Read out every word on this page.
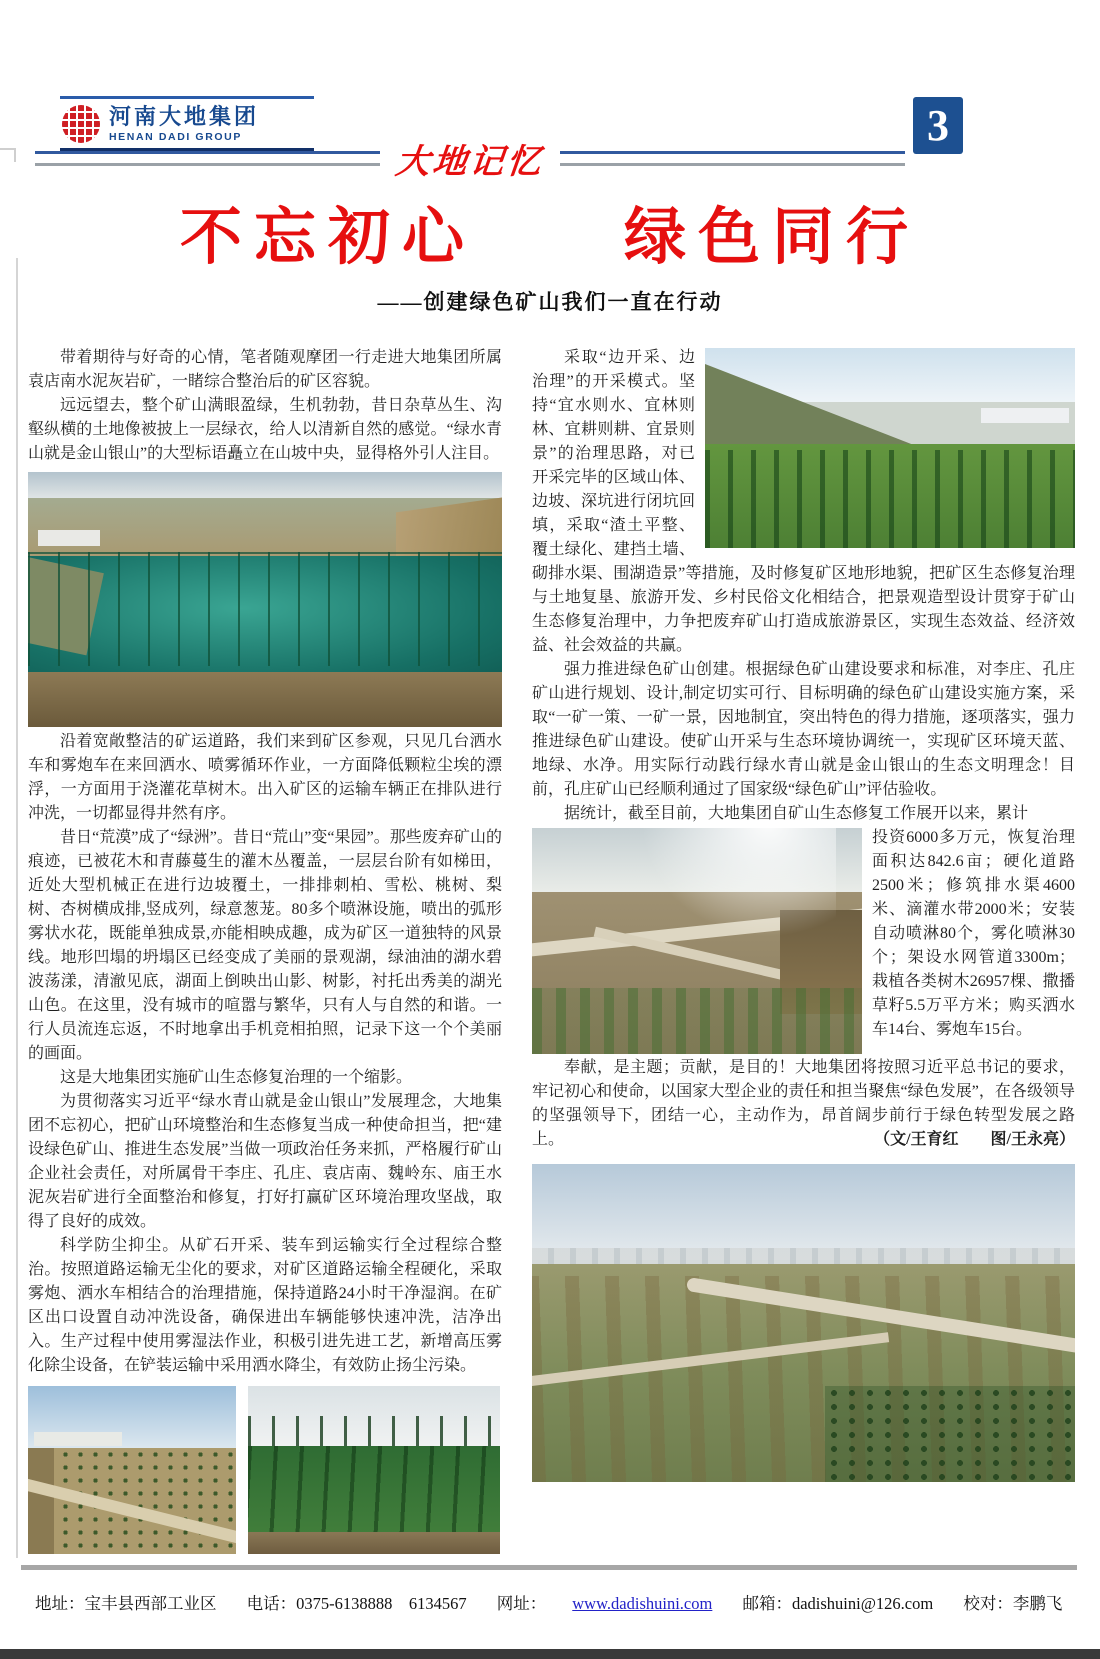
河南大地集团
HENAN DADI GROUP	3
大地记忆
不忘初心　　绿色同行
——创建绿色矿山我们一直在行动

带着期待与好奇的心情，笔者随观摩团一行走进大地集团所属袁店南水泥灰岩矿，一睹综合整治后的矿区容貌。

远远望去，整个矿山满眼盈绿，生机勃勃，昔日杂草丛生、沟壑纵横的土地像被披上一层绿衣，给人以清新自然的感觉。“绿水青山就是金山银山”的大型标语矗立在山坡中央，显得格外引人注目。

沿着宽敞整洁的矿运道路，我们来到矿区参观，只见几台洒水车和雾炮车在来回洒水、喷雾循环作业，一方面降低颗粒尘埃的漂浮，一方面用于浇灌花草树木。出入矿区的运输车辆正在排队进行冲洗，一切都显得井然有序。

昔日“荒漠”成了“绿洲”。昔日“荒山”变“果园”。那些废弃矿山的痕迹，已被花木和青藤蔓生的灌木丛覆盖，一层层台阶有如梯田，近处大型机械正在进行边坡覆土，一排排刺柏、雪松、桃树、梨树、杏树横成排,竖成列，绿意葱茏。80多个喷淋设施，喷出的弧形雾状水花，既能单独成景,亦能相映成趣，成为矿区一道独特的风景线。地形凹塌的坍塌区已经变成了美丽的景观湖，绿油油的湖水碧波荡漾，清澈见底，湖面上倒映出山影、树影，衬托出秀美的湖光山色。在这里，没有城市的喧嚣与繁华，只有人与自然的和谐。一行人员流连忘返，不时地拿出手机竞相拍照，记录下这一个个美丽的画面。

这是大地集团实施矿山生态修复治理的一个缩影。

为贯彻落实习近平“绿水青山就是金山银山”发展理念，大地集团不忘初心，把矿山环境整治和生态修复当成一种使命担当，把“建设绿色矿山、推进生态发展”当做一项政治任务来抓，严格履行矿山企业社会责任，对所属骨干李庄、孔庄、袁店南、魏岭东、庙王水泥灰岩矿进行全面整治和修复，打好打赢矿区环境治理攻坚战，取得了良好的成效。

科学防尘抑尘。从矿石开采、装车到运输实行全过程综合整治。按照道路运输无尘化的要求，对矿区道路运输全程硬化，采取雾炮、洒水车相结合的治理措施，保持道路24小时干净湿润。在矿区出口设置自动冲洗设备，确保进出车辆能够快速冲洗，洁净出入。生产过程中使用雾湿法作业，积极引进先进工艺，新增高压雾化除尘设备，在铲装运输中采用洒水降尘，有效防止扬尘污染。

采取“边开采、边治理”的开采模式。坚持“宜水则水、宜林则林、宜耕则耕、宜景则景”的治理思路，对已开采完毕的区域山体、边坡、深坑进行闭坑回填，采取“渣土平整、覆土绿化、建挡土墙、砌排水渠、围湖造景”等措施，及时修复矿区地形地貌，把矿区生态修复治理与土地复垦、旅游开发、乡村民俗文化相结合，把景观造型设计贯穿于矿山生态修复治理中，力争把废弃矿山打造成旅游景区，实现生态效益、经济效益、社会效益的共赢。

强力推进绿色矿山创建。根据绿色矿山建设要求和标准，对李庄、孔庄矿山进行规划、设计,制定切实可行、目标明确的绿色矿山建设实施方案，采取“一矿一策、一矿一景，因地制宜，突出特色的得力措施，逐项落实，强力推进绿色矿山建设。使矿山开采与生态环境协调统一，实现矿区环境天蓝、地绿、水净。用实际行动践行绿水青山就是金山银山的生态文明理念！目前，孔庄矿山已经顺利通过了国家级“绿色矿山”评估验收。

据统计，截至目前，大地集团自矿山生态修复工作展开以来，累计

投资6000多万元，恢复治理面积达842.6亩；硬化道路2500米；修筑排水渠4600米、滴灌水带2000米；安装自动喷淋80个，雾化喷淋30个；架设水网管道3300m；栽植各类树木26957棵、撒播草籽5.5万平方米；购买洒水车14台、雾炮车15台。

奉献，是主题；贡献，是目的！大地集团将按照习近平总书记的要求，牢记初心和使命，以国家大型企业的责任和担当聚焦“绿色发展”，在各级领导的坚强领导下，团结一心，主动作为，昂首阔步前行于绿色转型发展之路上。	（文/王育红　　图/王永亮）

地址：宝丰县西部工业区 电话：0375-6138888　6134567 网址： www.dadishuini.com 邮箱：dadishuini@126.com 校对：李鹏飞
